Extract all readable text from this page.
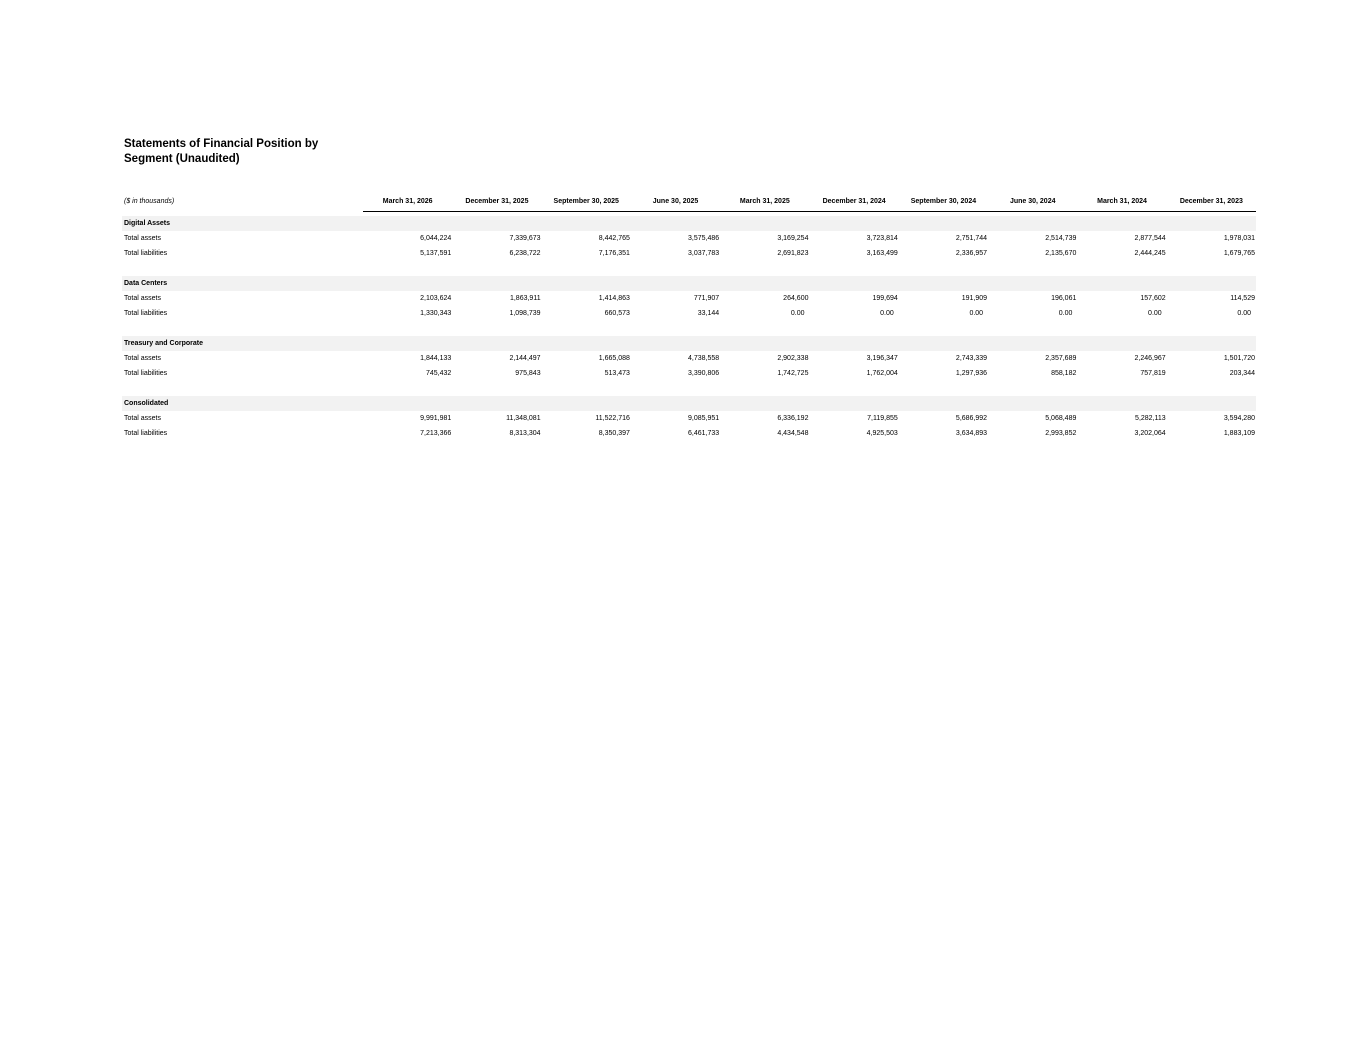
Statements of Financial Position by
Segment (Unaudited)
($ in thousands)	March 31, 2026	December 31, 2025	September 30, 2025	June 30, 2025	March 31, 2025	December 31, 2024	September 30, 2024	June 30, 2024	March 31, 2024	December 31, 2023

Digital Assets										
Total assets	6,044,224	7,339,673	8,442,765	3,575,486	3,169,254	3,723,814	2,751,744	2,514,739	2,877,544	1,978,031
Total liabilities	5,137,591	6,238,722	7,176,351	3,037,783	2,691,823	3,163,499	2,336,957	2,135,670	2,444,245	1,679,765

Data Centers										
Total assets	2,103,624	1,863,911	1,414,863	771,907	264,600	199,694	191,909	196,061	157,602	114,529
Total liabilities	1,330,343	1,098,739	660,573	33,144	0.00	0.00	0.00	0.00	0.00	0.00

Treasury and Corporate										
Total assets	1,844,133	2,144,497	1,665,088	4,738,558	2,902,338	3,196,347	2,743,339	2,357,689	2,246,967	1,501,720
Total liabilities	745,432	975,843	513,473	3,390,806	1,742,725	1,762,004	1,297,936	858,182	757,819	203,344

Consolidated										
Total assets	9,991,981	11,348,081	11,522,716	9,085,951	6,336,192	7,119,855	5,686,992	5,068,489	5,282,113	3,594,280
Total liabilities	7,213,366	8,313,304	8,350,397	6,461,733	4,434,548	4,925,503	3,634,893	2,993,852	3,202,064	1,883,109
